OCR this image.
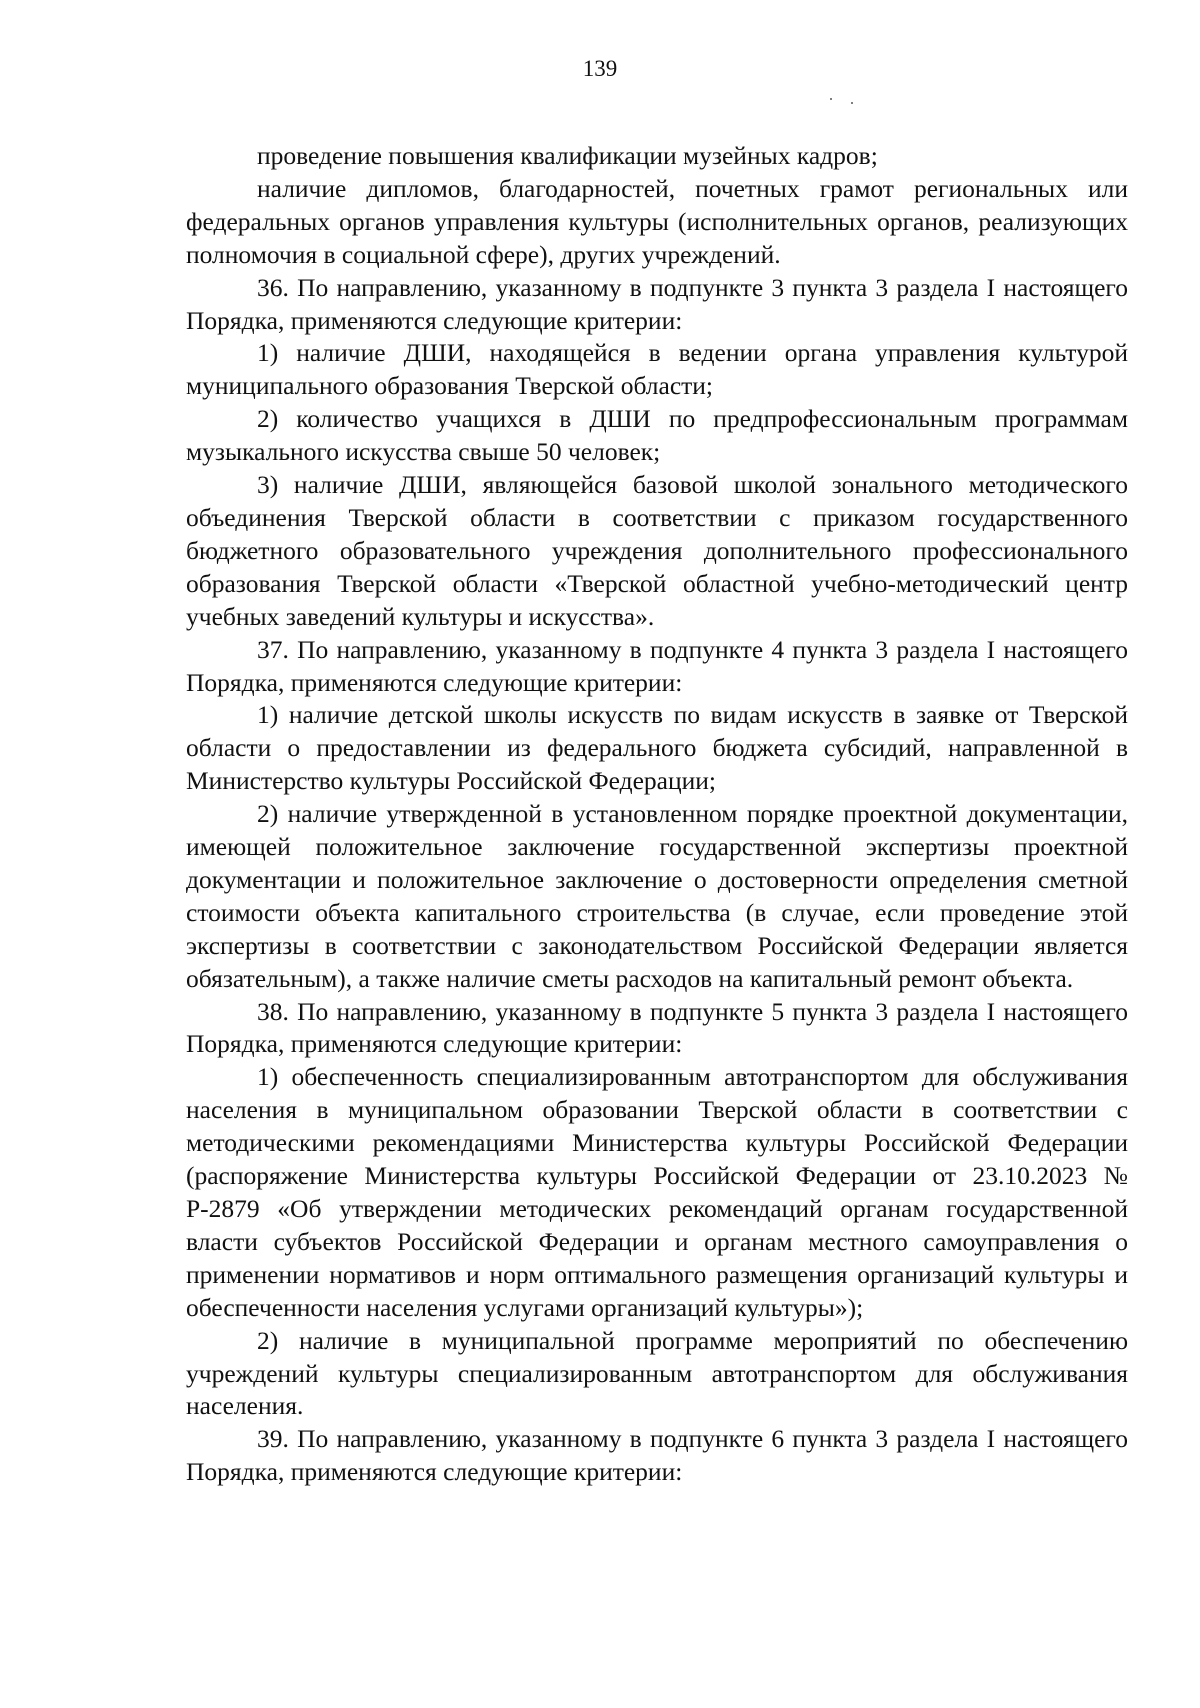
139

проведение повышения квалификации музейных кадров;

наличие дипломов, благодарностей, почетных грамот региональных или федеральных органов управления культуры (исполнительных органов, реализующих полномочия в социальной сфере), других учреждений.

36. По направлению, указанному в подпункте 3 пункта 3 раздела I настоящего Порядка, применяются следующие критерии:

1) наличие ДШИ, находящейся в ведении органа управления культурой муниципального образования Тверской области;

2) количество учащихся в ДШИ по предпрофессиональным программам музыкального искусства свыше 50 человек;

3) наличие ДШИ, являющейся базовой школой зонального методического объединения Тверской области в соответствии с приказом государственного бюджетного образовательного учреждения дополнительного профессионального образования Тверской области «Тверской областной учебно-методический центр учебных заведений культуры и искусства».

37. По направлению, указанному в подпункте 4 пункта 3 раздела I настоящего Порядка, применяются следующие критерии:

1) наличие детской школы искусств по видам искусств в заявке от Тверской области о предоставлении из федерального бюджета субсидий, направленной в Министерство культуры Российской Федерации;

2) наличие утвержденной в установленном порядке проектной документации, имеющей положительное заключение государственной экспертизы проектной документации и положительное заключение о достоверности определения сметной стоимости объекта капитального строительства (в случае, если проведение этой экспертизы в соответствии с законодательством Российской Федерации является обязательным), а также наличие сметы расходов на капитальный ремонт объекта.

38. По направлению, указанному в подпункте 5 пункта 3 раздела I настоящего Порядка, применяются следующие критерии:

1) обеспеченность специализированным автотранспортом для обслуживания населения в муниципальном образовании Тверской области в соответствии с методическими рекомендациями Министерства культуры Российской Федерации (распоряжение Министерства культуры Российской Федерации от 23.10.2023 № Р-2879 «Об утверждении методических рекомендаций органам государственной власти субъектов Российской Федерации и органам местного самоуправления о применении нормативов и норм оптимального размещения организаций культуры и обеспеченности населения услугами организаций культуры»);

2) наличие в муниципальной программе мероприятий по обеспечению учреждений культуры специализированным автотранспортом для обслуживания населения.

39. По направлению, указанному в подпункте 6 пункта 3 раздела I настоящего Порядка, применяются следующие критерии:
